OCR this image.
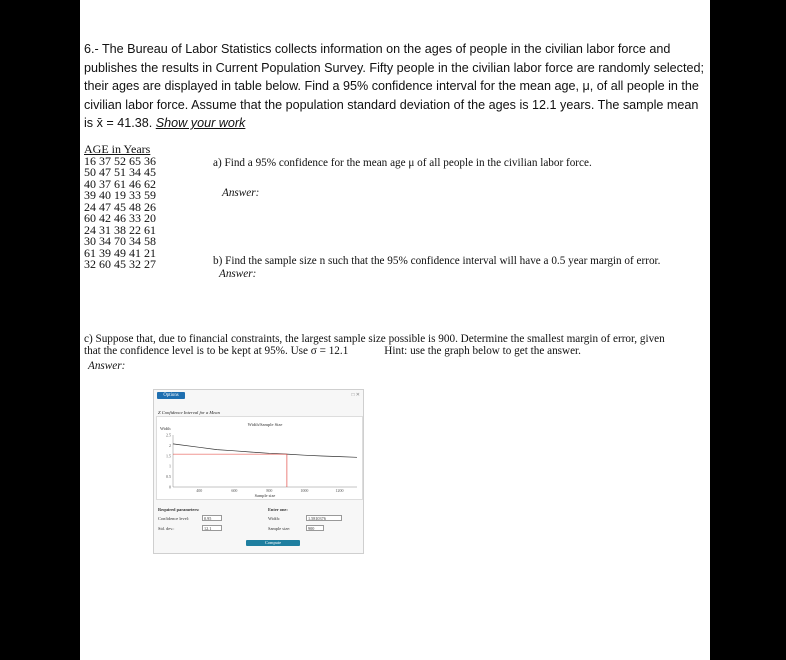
6.- The Bureau of Labor Statistics collects information on the ages of people in the civilian labor force and publishes the results in Current Population Survey. Fifty people in the civilian labor force are randomly selected; their ages are displayed in table below. Find a 95% confidence interval for the mean age, μ, of all people in the civilian labor force. Assume that the population standard deviation of the ages is 12.1 years. The sample mean is x̄ = 41.38. Show your work
AGE in Years
16 37 52 65 36
50 47 51 34 45
40 37 61 46 62
39 40 19 33 59
24 47 45 48 26
60 42 46 33 20
24 31 38 22 61
30 34 70 34 58
61 39 49 41 21
32 60 45 32 27
a) Find a 95% confidence for the mean age μ of all people in the civilian labor force.
Answer:
b) Find the sample size n such that the 95% confidence interval will have a 0.5 year margin of error.
Answer:
c) Suppose that, due to financial constraints, the largest sample size possible is 900. Determine the smallest margin of error, given
that the confidence level is to be kept at 95%. Use σ = 12.1	Hint: use the graph below to get the answer.
Answer:
Options	□ ✕
Z Confidence Interval for a Mean
Width/Sample Size
Width
Sample size
2.5
2
1.5
1
0.5
0
400	600	800	1000	1200
Required parameters:
Confidence level:	0.95
Std. dev.:	12.1
Enter one:
Width:	1.5810376
Sample size:	900
Compute
